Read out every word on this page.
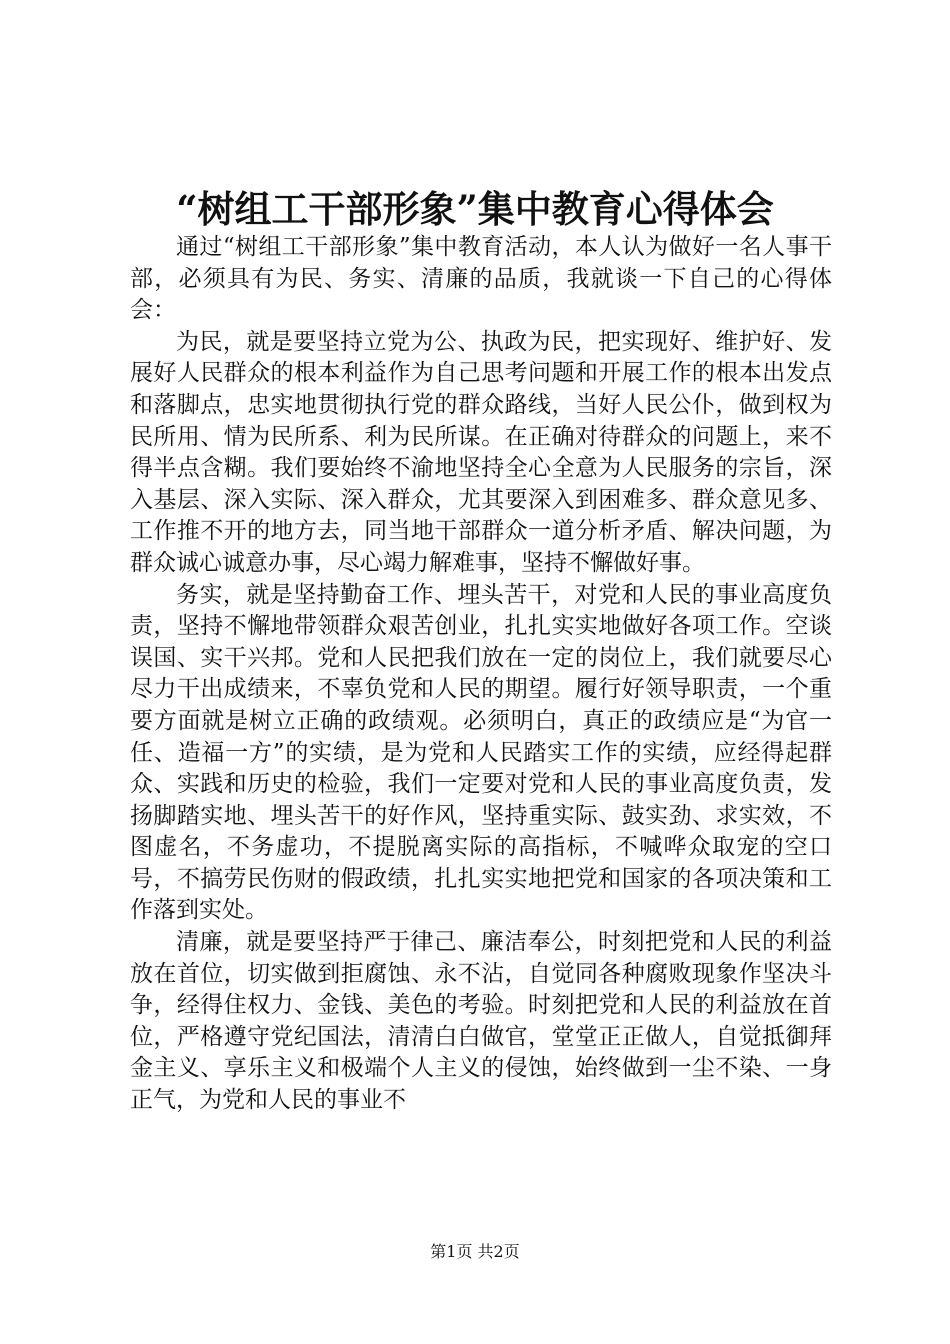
“树组工干部形象”集中教育心得体会

通过“树组工干部形象”集中教育活动，本人认为做好一名人事干部，必须具有为民、务实、清廉的品质，我就谈一下自己的心得体会：

为民，就是要坚持立党为公、执政为民，把实现好、维护好、发展好人民群众的根本利益作为自己思考问题和开展工作的根本出发点和落脚点，忠实地贯彻执行党的群众路线，当好人民公仆，做到权为民所用、情为民所系、利为民所谋。在正确对待群众的问题上，来不得半点含糊。我们要始终不渝地坚持全心全意为人民服务的宗旨，深入基层、深入实际、深入群众，尤其要深入到困难多、群众意见多、工作推不开的地方去，同当地干部群众一道分析矛盾、解决问题，为群众诚心诚意办事，尽心竭力解难事，坚持不懈做好事。

务实，就是坚持勤奋工作、埋头苦干，对党和人民的事业高度负责，坚持不懈地带领群众艰苦创业，扎扎实实地做好各项工作。空谈误国、实干兴邦。党和人民把我们放在一定的岗位上，我们就要尽心尽力干出成绩来，不辜负党和人民的期望。履行好领导职责，一个重要方面就是树立正确的政绩观。必须明白，真正的政绩应是“为官一任、造福一方”的实绩，是为党和人民踏实工作的实绩，应经得起群众、实践和历史的检验，我们一定要对党和人民的事业高度负责，发扬脚踏实地、埋头苦干的好作风，坚持重实际、鼓实劲、求实效，不图虚名，不务虚功，不提脱离实际的高指标，不喊哗众取宠的空口号，不搞劳民伤财的假政绩，扎扎实实地把党和国家的各项决策和工作落到实处。

清廉，就是要坚持严于律己、廉洁奉公，时刻把党和人民的利益放在首位，切实做到拒腐蚀、永不沾，自觉同各种腐败现象作坚决斗争，经得住权力、金钱、美色的考验。时刻把党和人民的利益放在首位，严格遵守党纪国法，清清白白做官，堂堂正正做人，自觉抵御拜金主义、享乐主义和极端个人主义的侵蚀，始终做到一尘不染、一身正气，为党和人民的事业不

第1页 共2页
